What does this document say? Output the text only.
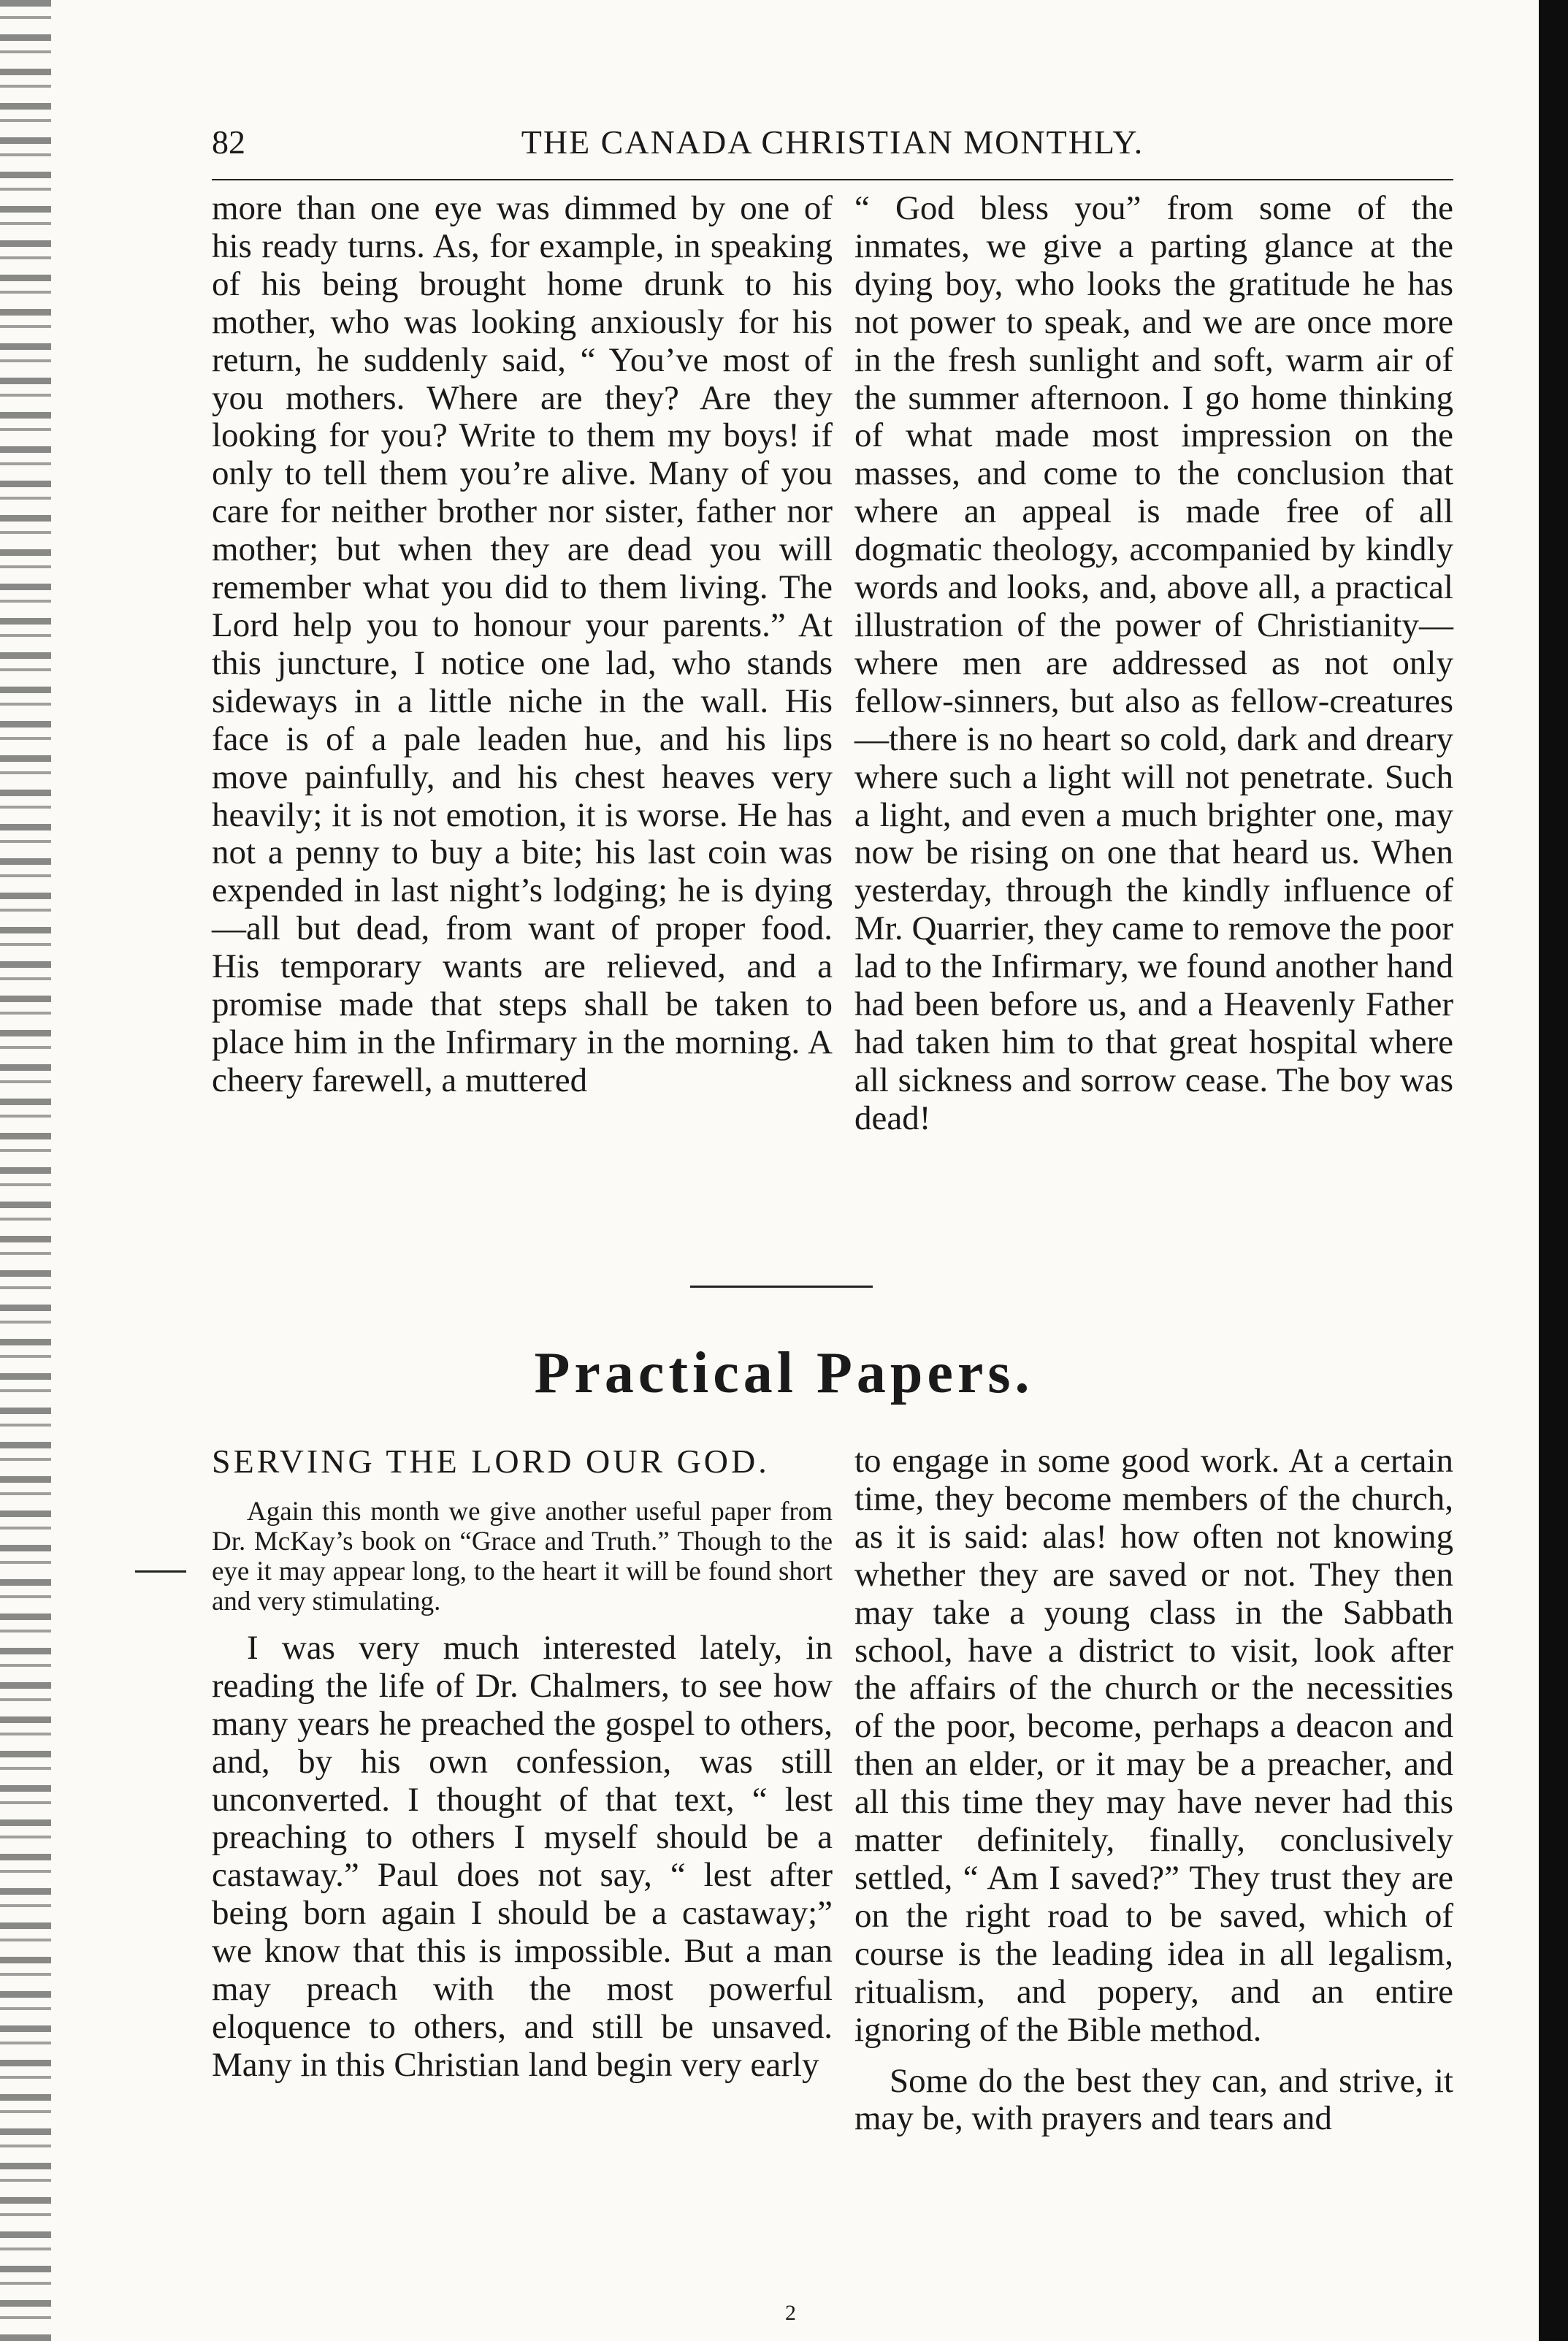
82	THE CANADA CHRISTIAN MONTHLY.

more than one eye was dimmed by one of his ready turns. As, for example, in speaking of his being brought home drunk to his mother, who was looking anxiously for his return, he suddenly said, “ You’ve most of you mothers. Where are they? Are they looking for you? Write to them my boys! if only to tell them you’re alive. Many of you care for neither brother nor sister, father nor mother; but when they are dead you will remember what you did to them living. The Lord help you to honour your parents.” At this juncture, I notice one lad, who stands sideways in a little niche in the wall. His face is of a pale leaden hue, and his lips move painfully, and his chest heaves very heavily; it is not emotion, it is worse. He has not a penny to buy a bite; his last coin was expended in last night’s lodging; he is dying—all but dead, from want of proper food. His temporary wants are relieved, and a promise made that steps shall be taken to place him in the Infirmary in the morning. A cheery farewell, a muttered

“ God bless you” from some of the inmates, we give a parting glance at the dying boy, who looks the gratitude he has not power to speak, and we are once more in the fresh sunlight and soft, warm air of the summer afternoon. I go home thinking of what made most impression on the masses, and come to the conclusion that where an appeal is made free of all dogmatic theology, accompanied by kindly words and looks, and, above all, a practical illustration of the power of Christianity—where men are addressed as not only fellow-sinners, but also as fellow-creatures—there is no heart so cold, dark and dreary where such a light will not penetrate. Such a light, and even a much brighter one, may now be rising on one that heard us. When yesterday, through the kindly influence of Mr. Quarrier, they came to remove the poor lad to the Infirmary, we found another hand had been before us, and a Heavenly Father had taken him to that great hospital where all sickness and sorrow cease. The boy was dead!

Practical Papers.

SERVING THE LORD OUR GOD.

Again this month we give another useful paper from Dr. McKay’s book on “Grace and Truth.” Though to the eye it may appear long, to the heart it will be found short and very stimulating.

I was very much interested lately, in reading the life of Dr. Chalmers, to see how many years he preached the gospel to others, and, by his own confession, was still unconverted. I thought of that text, “ lest preaching to others I myself should be a castaway.” Paul does not say, “ lest after being born again I should be a castaway;” we know that this is impossible. But a man may preach with the most powerful eloquence to others, and still be unsaved. Many in this Christian land begin very early

to engage in some good work. At a certain time, they become members of the church, as it is said: alas! how often not knowing whether they are saved or not. They then may take a young class in the Sabbath school, have a district to visit, look after the affairs of the church or the necessities of the poor, become, perhaps a deacon and then an elder, or it may be a preacher, and all this time they may have never had this matter definitely, finally, conclusively settled, “ Am I saved?” They trust they are on the right road to be saved, which of course is the leading idea in all legalism, ritualism, and popery, and an entire ignoring of the Bible method.

Some do the best they can, and strive, it may be, with prayers and tears and

2
